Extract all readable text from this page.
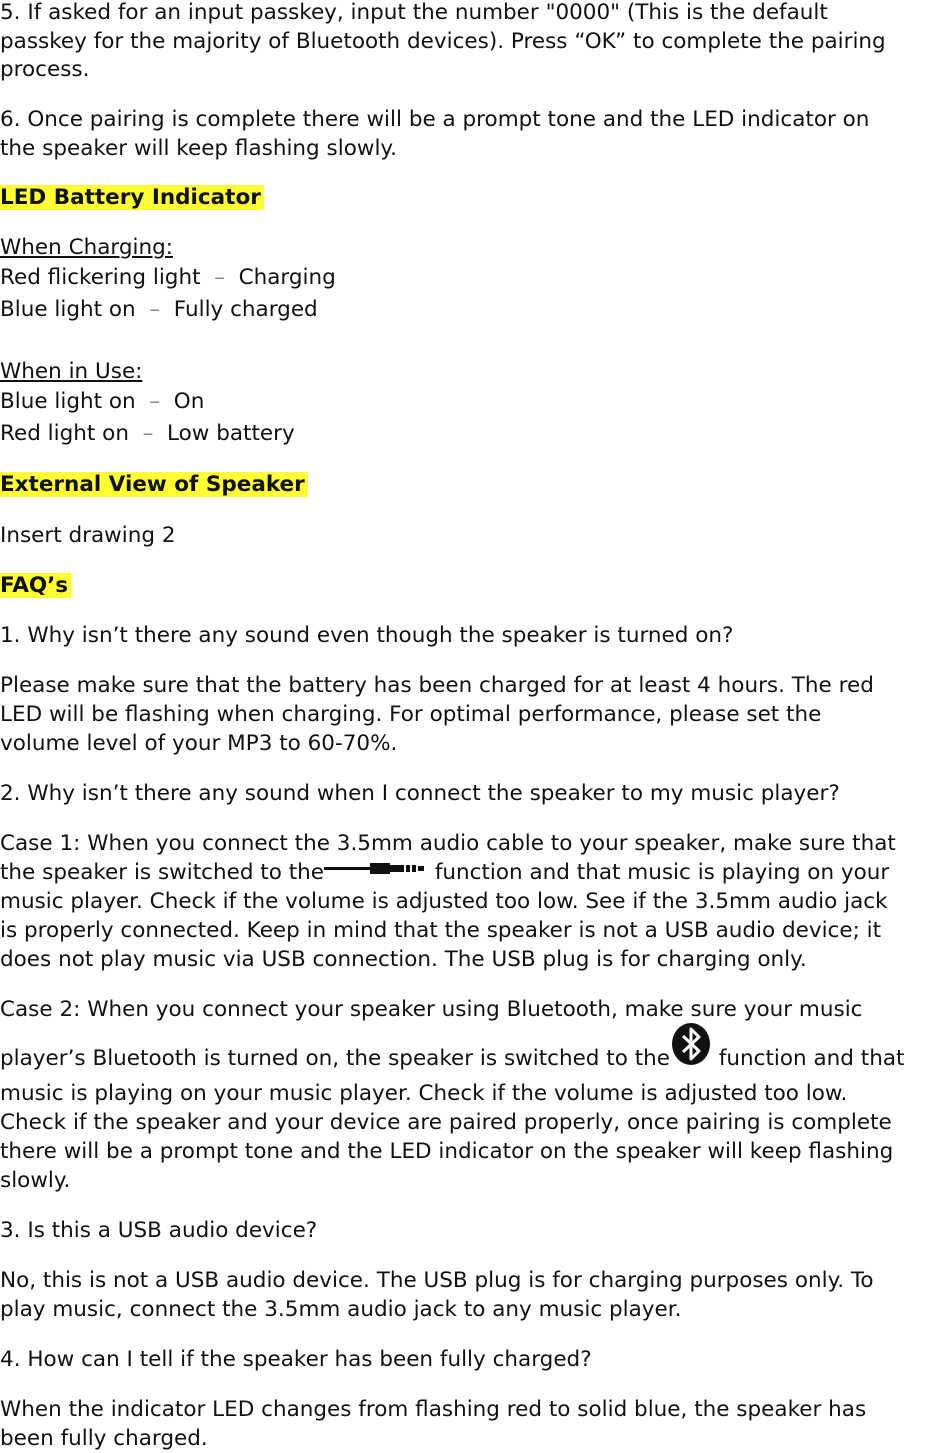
5. If asked for an input passkey, input the number "0000" (This is the default
passkey for the majority of Bluetooth devices). Press “OK” to complete the pairing
process.
6. Once pairing is complete there will be a prompt tone and the LED indicator on
the speaker will keep flashing slowly.
LED Battery Indicator
When Charging:
Red flickering light – Charging
Blue light on – Fully charged
When in Use:
Blue light on – On
Red light on – Low battery
External View of Speaker
Insert drawing 2
FAQ’s
1. Why isn’t there any sound even though the speaker is turned on?
Please make sure that the battery has been charged for at least 4 hours. The red
LED will be flashing when charging. For optimal performance, please set the
volume level of your MP3 to 60-70%.
2. Why isn’t there any sound when I connect the speaker to my music player?
Case 1: When you connect the 3.5mm audio cable to your speaker, make sure that
the speaker is switched to the	function and that music is playing on your
music player. Check if the volume is adjusted too low. See if the 3.5mm audio jack
is properly connected. Keep in mind that the speaker is not a USB audio device; it
does not play music via USB connection. The USB plug is for charging only.
Case 2: When you connect your speaker using Bluetooth, make sure your music
player’s Bluetooth is turned on, the speaker is switched to the function and that
music is playing on your music player. Check if the volume is adjusted too low.
Check if the speaker and your device are paired properly, once pairing is complete
there will be a prompt tone and the LED indicator on the speaker will keep flashing
slowly.
3. Is this a USB audio device?
No, this is not a USB audio device. The USB plug is for charging purposes only. To
play music, connect the 3.5mm audio jack to any music player.
4. How can I tell if the speaker has been fully charged?
When the indicator LED changes from flashing red to solid blue, the speaker has
been fully charged.
